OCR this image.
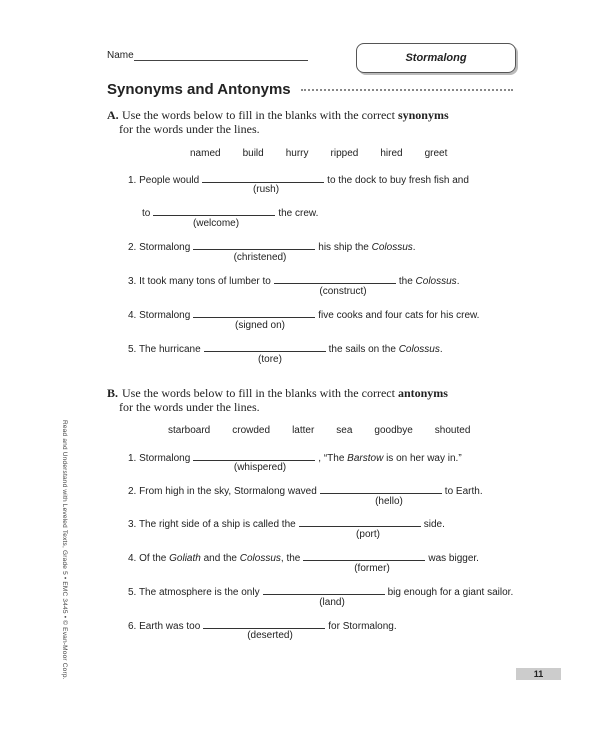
Name	Stormalong
Synonyms and Antonyms
A. Use the words below to fill in the blanks with the correct synonyms
for the words under the lines.
named build hurry ripped hired greet
1. People would	to the dock to buy fresh fish and
(rush)
to	the crew.
(welcome)
2. Stormalong	his ship the Colossus.
(christened)
3. It took many tons of lumber to	the Colossus.
(construct)
4. Stormalong	five cooks and four cats for his crew.
(signed on)
5. The hurricane	the sails on the Colossus.
(tore)
B. Use the words below to fill in the blanks with the correct antonyms
for the words under the lines.
starboard crowded latter sea goodbye shouted
1. Stormalong	, “The Barstow is on her way in.”
(whispered)
2. From high in the sky, Stormalong waved	to Earth.
(hello)
3. The right side of a ship is called the	side.
(port)
4. Of the Goliath and the Colossus, the	was bigger.
(former)
5. The atmosphere is the only	big enough for a giant sailor.
(land)
6. Earth was too	for Stormalong.
(deserted)
Read and Understand with Leveled Texts, Grade 5 • EMC 3445 • © Evan-Moor Corp.	11
